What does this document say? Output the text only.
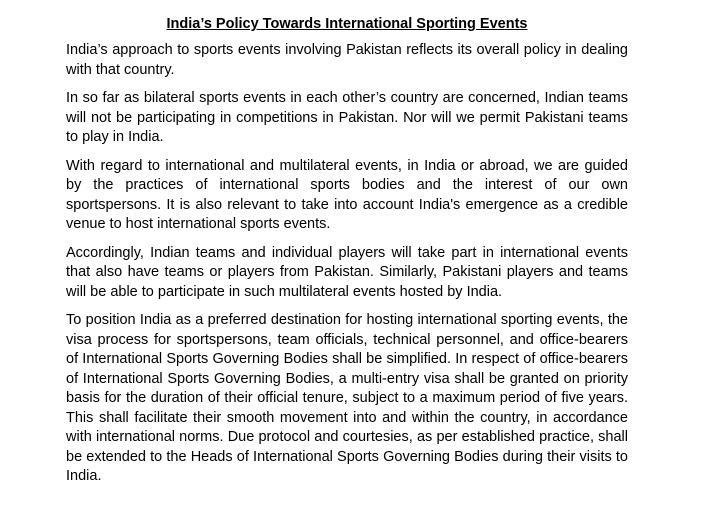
India’s Policy Towards International Sporting Events

India’s approach to sports events involving Pakistan reflects its overall policy in dealing with that country.

In so far as bilateral sports events in each other’s country are concerned, Indian teams will not be participating in competitions in Pakistan. Nor will we permit Pakistani teams to play in India.

With regard to international and multilateral events, in India or abroad, we are guided by the practices of international sports bodies and the interest of our own sportspersons. It is also relevant to take into account India's emergence as a credible venue to host international sports events.

Accordingly, Indian teams and individual players will take part in international events that also have teams or players from Pakistan. Similarly, Pakistani players and teams will be able to participate in such multilateral events hosted by India.

To position India as a preferred destination for hosting international sporting events, the visa process for sportspersons, team officials, technical personnel, and office-bearers of International Sports Governing Bodies shall be simplified. In respect of office-bearers of International Sports Governing Bodies, a multi-entry visa shall be granted on priority basis for the duration of their official tenure, subject to a maximum period of five years. This shall facilitate their smooth movement into and within the country, in accordance with international norms. Due protocol and courtesies, as per established practice, shall be extended to the Heads of International Sports Governing Bodies during their visits to India.
